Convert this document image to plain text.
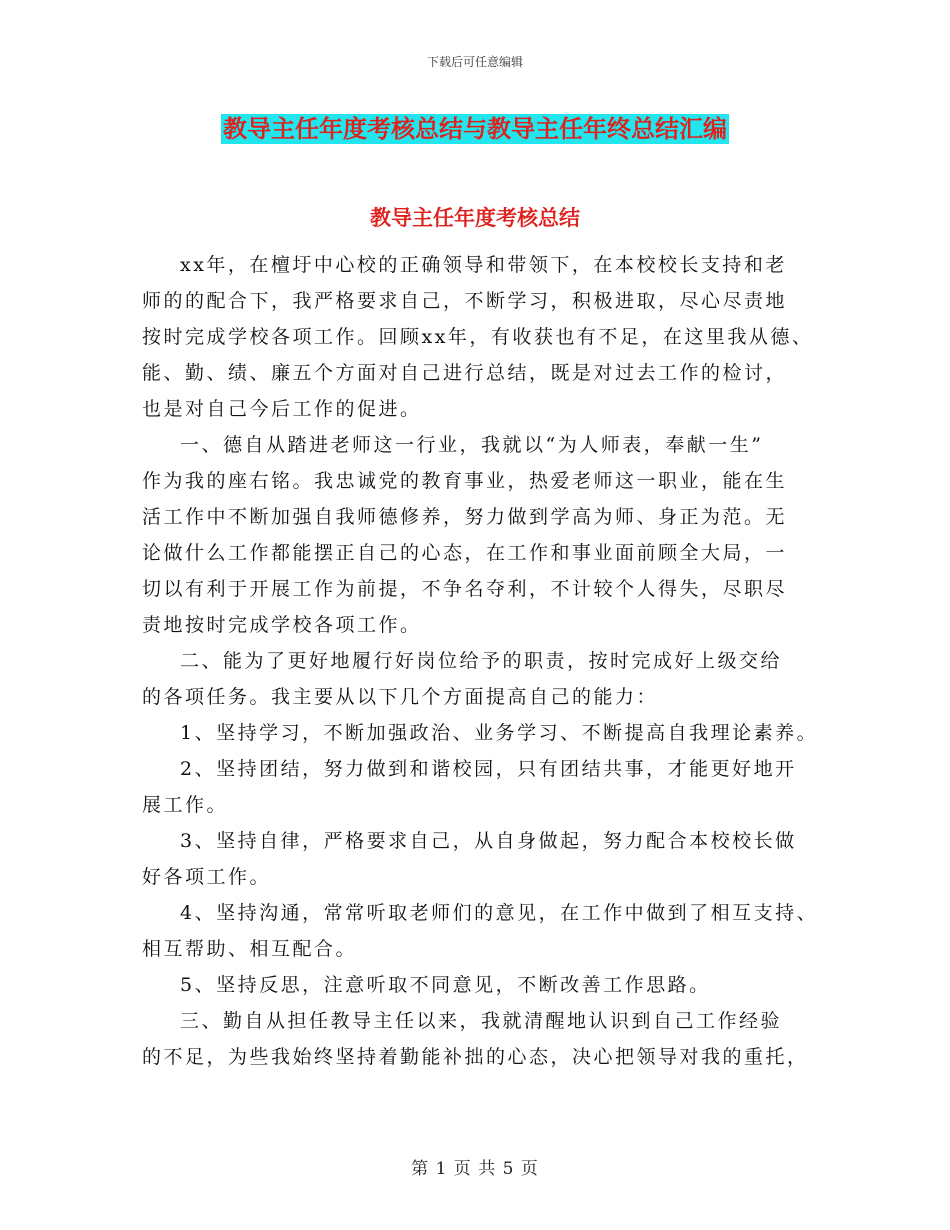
下载后可任意编辑
教导主任年度考核总结与教导主任年终总结汇编
教导主任年度考核总结

xx年，在檀圩中心校的正确领导和带领下，在本校校长支持和老
师的的配合下，我严格要求自己，不断学习，积极进取，尽心尽责地
按时完成学校各项工作。回顾xx年，有收获也有不足，在这里我从德、
能、勤、绩、廉五个方面对自己进行总结，既是对过去工作的检讨，
也是对自己今后工作的促进。

一、德自从踏进老师这一行业，我就以“为人师表，奉献一生”
作为我的座右铭。我忠诚党的教育事业，热爱老师这一职业，能在生
活工作中不断加强自我师德修养，努力做到学高为师、身正为范。无
论做什么工作都能摆正自己的心态，在工作和事业面前顾全大局，一
切以有利于开展工作为前提，不争名夺利，不计较个人得失，尽职尽
责地按时完成学校各项工作。

二、能为了更好地履行好岗位给予的职责，按时完成好上级交给
的各项任务。我主要从以下几个方面提高自己的能力：

1、坚持学习，不断加强政治、业务学习、不断提高自我理论素养。

2、坚持团结，努力做到和谐校园，只有团结共事，才能更好地开
展工作。

3、坚持自律，严格要求自己，从自身做起，努力配合本校校长做
好各项工作。

4、坚持沟通，常常听取老师们的意见，在工作中做到了相互支持、
相互帮助、相互配合。

5、坚持反思，注意听取不同意见，不断改善工作思路。

三、勤自从担任教导主任以来，我就清醒地认识到自己工作经验
的不足，为些我始终坚持着勤能补拙的心态，决心把领导对我的重托，

第 1 页 共 5 页
